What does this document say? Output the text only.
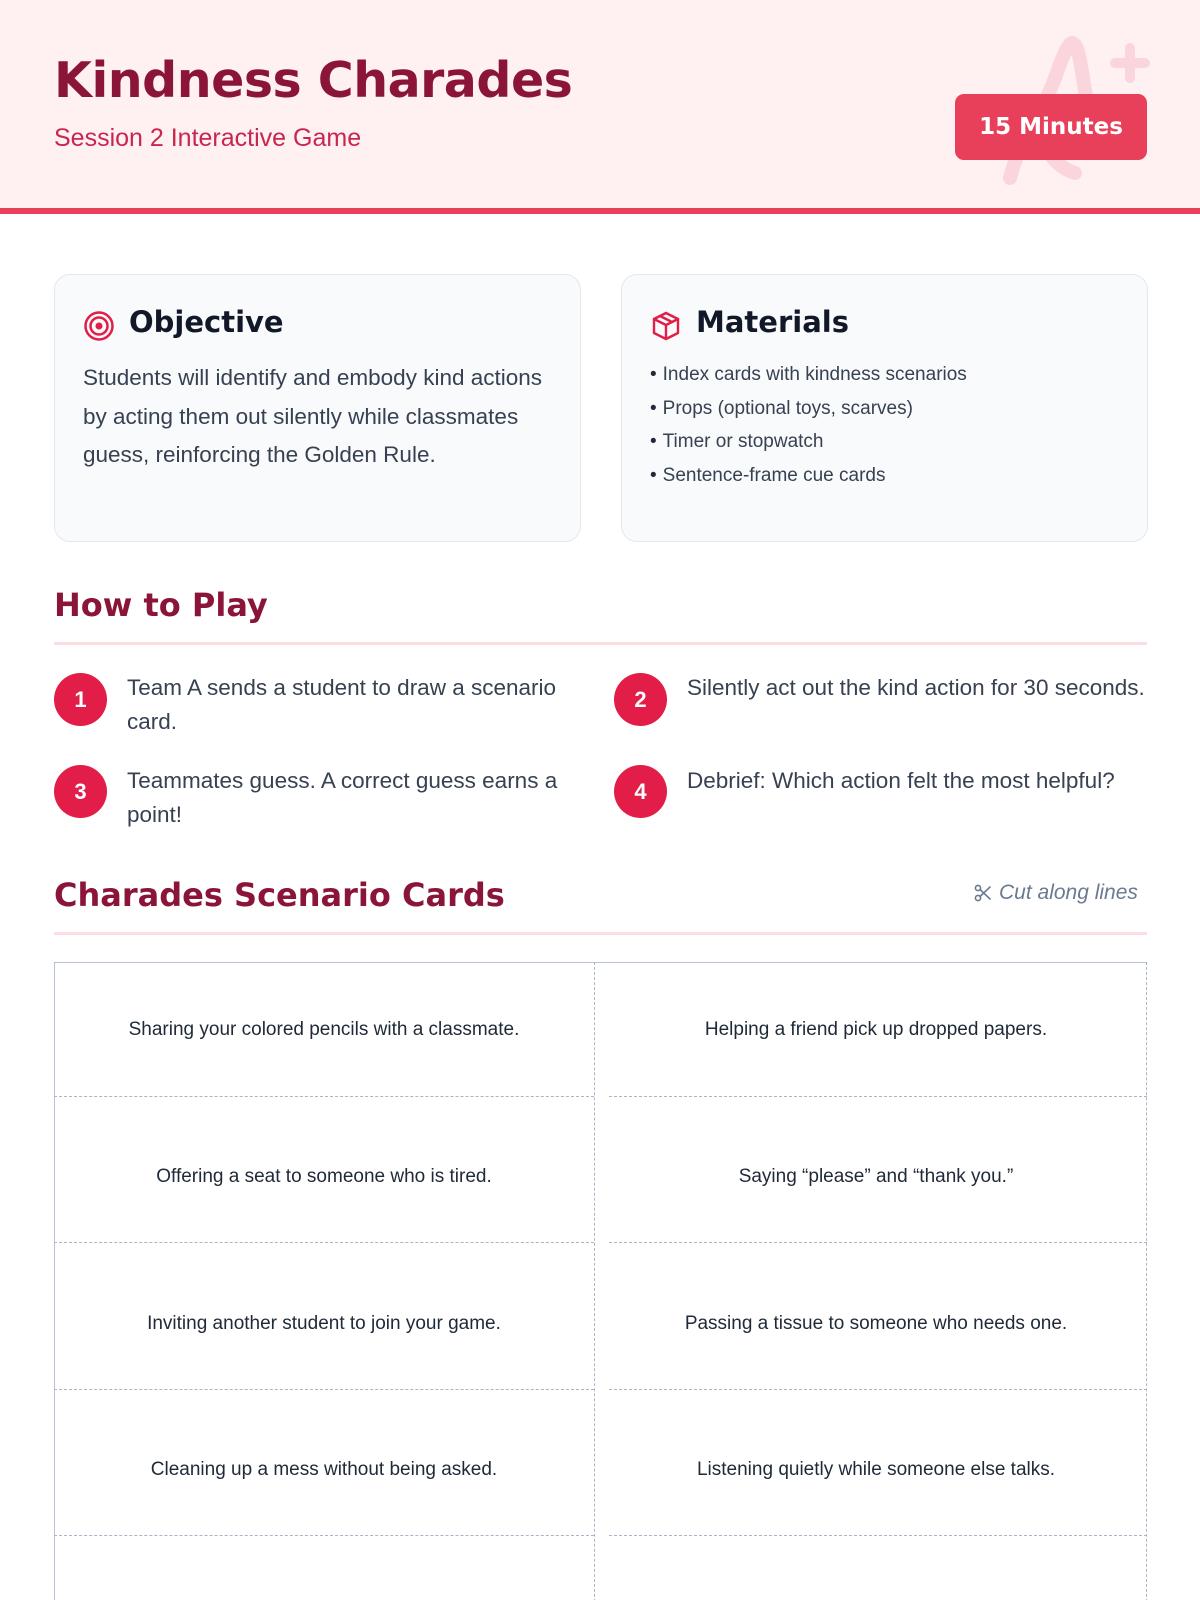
Kindness Charades
Session 2 Interactive Game	15 Minutes
Objective

Students will identify and embody kind actions by acting them out silently while classmates guess, reinforcing the Golden Rule.

Materials
• Index cards with kindness scenarios
• Props (optional toys, scarves)
• Timer or stopwatch
• Sentence-frame cue cards
How to Play
1	Team A sends a student to draw a scenario card.

2	Silently act out the kind action for 30 seconds.

3	Teammates guess. A correct guess earns a point!

4	Debrief: Which action felt the most helpful?

Charades Scenario Cards	Cut along lines
Sharing your colored pencils with a classmate.	Helping a friend pick up dropped papers.
Offering a seat to someone who is tired.	Saying “please” and “thank you.”
Inviting another student to join your game.	Passing a tissue to someone who needs one.
Cleaning up a mess without being asked.	Listening quietly while someone else talks.
